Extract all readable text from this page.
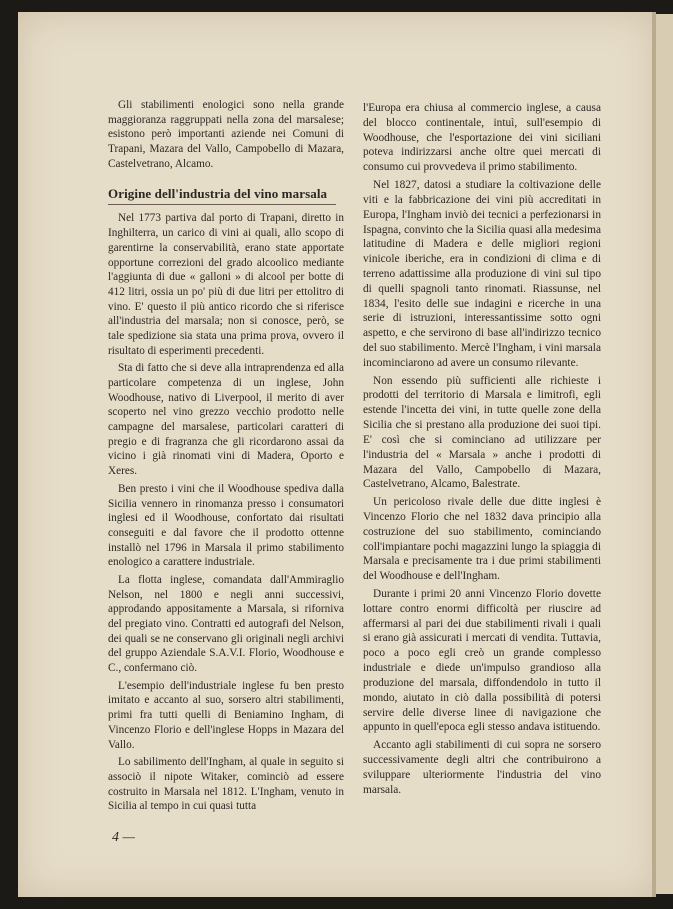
Gli stabilimenti enologici sono nella grande maggioranza raggruppati nella zona del marsalese; esistono però importanti aziende nei Comuni di Trapani, Mazara del Vallo, Campobello di Mazara, Castelvetrano, Alcamo.

Origine dell'industria del vino marsala

Nel 1773 partiva dal porto di Trapani, diretto in Inghilterra, un carico di vini ai quali, allo scopo di garentirne la conservabilità, erano state apportate opportune correzioni del grado alcoolico mediante l'aggiunta di due « galloni » di alcool per botte di 412 litri, ossia un po' più di due litri per ettolitro di vino. E' questo il più antico ricordo che si riferisce all'industria del marsala; non si conosce, però, se tale spedizione sia stata una prima prova, ovvero il risultato di esperimenti precedenti.

Sta di fatto che si deve alla intraprendenza ed alla particolare competenza di un inglese, John Woodhouse, nativo di Liverpool, il merito di aver scoperto nel vino grezzo vecchio prodotto nelle campagne del marsalese, particolari caratteri di pregio e di fragranza che gli ricordarono assai da vicino i già rinomati vini di Madera, Oporto e Xeres.

Ben presto i vini che il Woodhouse spediva dalla Sicilia vennero in rinomanza presso i consumatori inglesi ed il Woodhouse, confortato dai risultati conseguiti e dal favore che il prodotto ottenne installò nel 1796 in Marsala il primo stabilimento enologico a carattere industriale.

La flotta inglese, comandata dall'Ammiraglio Nelson, nel 1800 e negli anni successivi, approdando appositamente a Marsala, si riforniva del pregiato vino. Contratti ed autografi del Nelson, dei quali se ne conservano gli originali negli archivi del gruppo Aziendale S.A.V.I. Florio, Woodhouse e C., confermano ciò.

L'esempio dell'industriale inglese fu ben presto imitato e accanto al suo, sorsero altri stabilimenti, primi fra tutti quelli di Beniamino Ingham, di Vincenzo Florio e dell'inglese Hopps in Mazara del Vallo.

Lo sabilimento dell'Ingham, al quale in seguito si associò il nipote Witaker, cominciò ad essere costruito in Marsala nel 1812. L'Ingham, venuto in Sicilia al tempo in cui quasi tutta

l'Europa era chiusa al commercio inglese, a causa del blocco continentale, intuì, sull'esempio di Woodhouse, che l'esportazione dei vini siciliani poteva indirizzarsi anche oltre quei mercati di consumo cui provvedeva il primo stabilimento.

Nel 1827, datosi a studiare la coltivazione delle viti e la fabbricazione dei vini più accreditati in Europa, l'Ingham inviò dei tecnici a perfezionarsi in Ispagna, convinto che la Sicilia quasi alla medesima latitudine di Madera e delle migliori regioni vinicole iberiche, era in condizioni di clima e di terreno adattissime alla produzione di vini sul tipo di quelli spagnoli tanto rinomati. Riassunse, nel 1834, l'esito delle sue indagini e ricerche in una serie di istruzioni, interessantissime sotto ogni aspetto, e che servirono di base all'indirizzo tecnico del suo stabilimento. Mercè l'Ingham, i vini marsala incominciarono ad avere un consumo rilevante.

Non essendo più sufficienti alle richieste i prodotti del territorio di Marsala e limitrofi, egli estende l'incetta dei vini, in tutte quelle zone della Sicilia che si prestano alla produzione dei suoi tipi. E' così che si cominciano ad utilizzare per l'industria del « Marsala » anche i prodotti di Mazara del Vallo, Campobello di Mazara, Castelvetrano, Alcamo, Balestrate.

Un pericoloso rivale delle due ditte inglesi è Vincenzo Florio che nel 1832 dava principio alla costruzione del suo stabilimento, cominciando coll'impiantare pochi magazzini lungo la spiaggia di Marsala e precisamente tra i due primi stabilimenti del Woodhouse e dell'Ingham.

Durante i primi 20 anni Vincenzo Florio dovette lottare contro enormi difficoltà per riuscire ad affermarsi al pari dei due stabilimenti rivali i quali si erano già assicurati i mercati di vendita. Tuttavia, poco a poco egli creò un grande complesso industriale e diede un'impulso grandioso alla produzione del marsala, diffondendolo in tutto il mondo, aiutato in ciò dalla possibilità di potersi servire delle diverse linee di navigazione che appunto in quell'epoca egli stesso andava istituendo.

Accanto agli stabilimenti di cui sopra ne sorsero successivamente degli altri che contribuirono a sviluppare ulteriormente l'industria del vino marsala.

4 —
